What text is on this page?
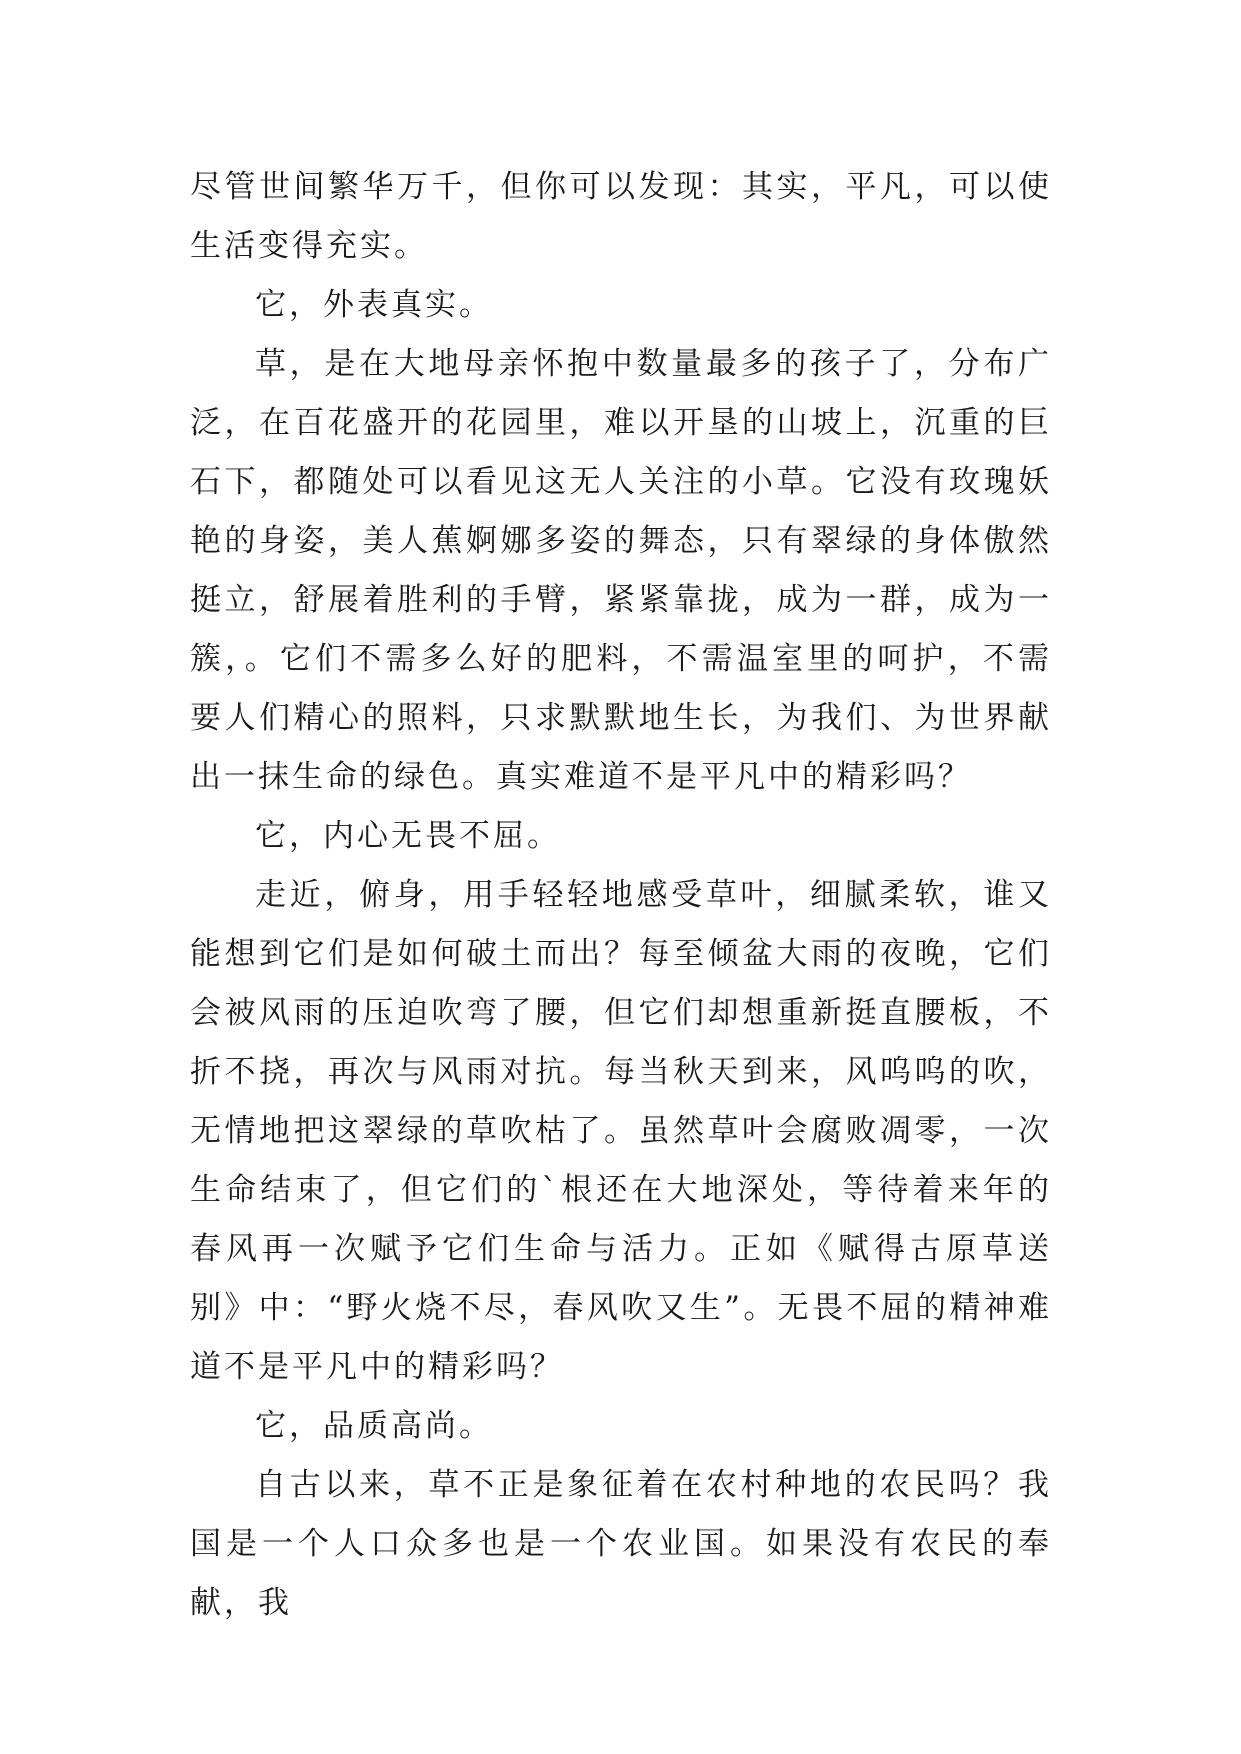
尽管世间繁华万千，但你可以发现：其实，平凡，可以使生活变得充实。

它，外表真实。

草，是在大地母亲怀抱中数量最多的孩子了，分布广泛，在百花盛开的花园里，难以开垦的山坡上，沉重的巨石下，都随处可以看见这无人关注的小草。它没有玫瑰妖艳的身姿，美人蕉婀娜多姿的舞态，只有翠绿的身体傲然挺立，舒展着胜利的手臂，紧紧靠拢，成为一群，成为一簇，。它们不需多么好的肥料，不需温室里的呵护，不需要人们精心的照料，只求默默地生长，为我们、为世界献出一抹生命的绿色。真实难道不是平凡中的精彩吗？

它，内心无畏不屈。

走近，俯身，用手轻轻地感受草叶，细腻柔软，谁又能想到它们是如何破土而出？每至倾盆大雨的夜晚，它们会被风雨的压迫吹弯了腰，但它们却想重新挺直腰板，不折不挠，再次与风雨对抗。每当秋天到来，风呜呜的吹，无情地把这翠绿的草吹枯了。虽然草叶会腐败凋零，一次生命结束了，但它们的`根还在大地深处，等待着来年的春风再一次赋予它们生命与活力。正如《赋得古原草送别》中：“野火烧不尽，春风吹又生”。无畏不屈的精神难道不是平凡中的精彩吗？

它，品质高尚。

自古以来，草不正是象征着在农村种地的农民吗？我国是一个人口众多也是一个农业国。如果没有农民的奉献，我
